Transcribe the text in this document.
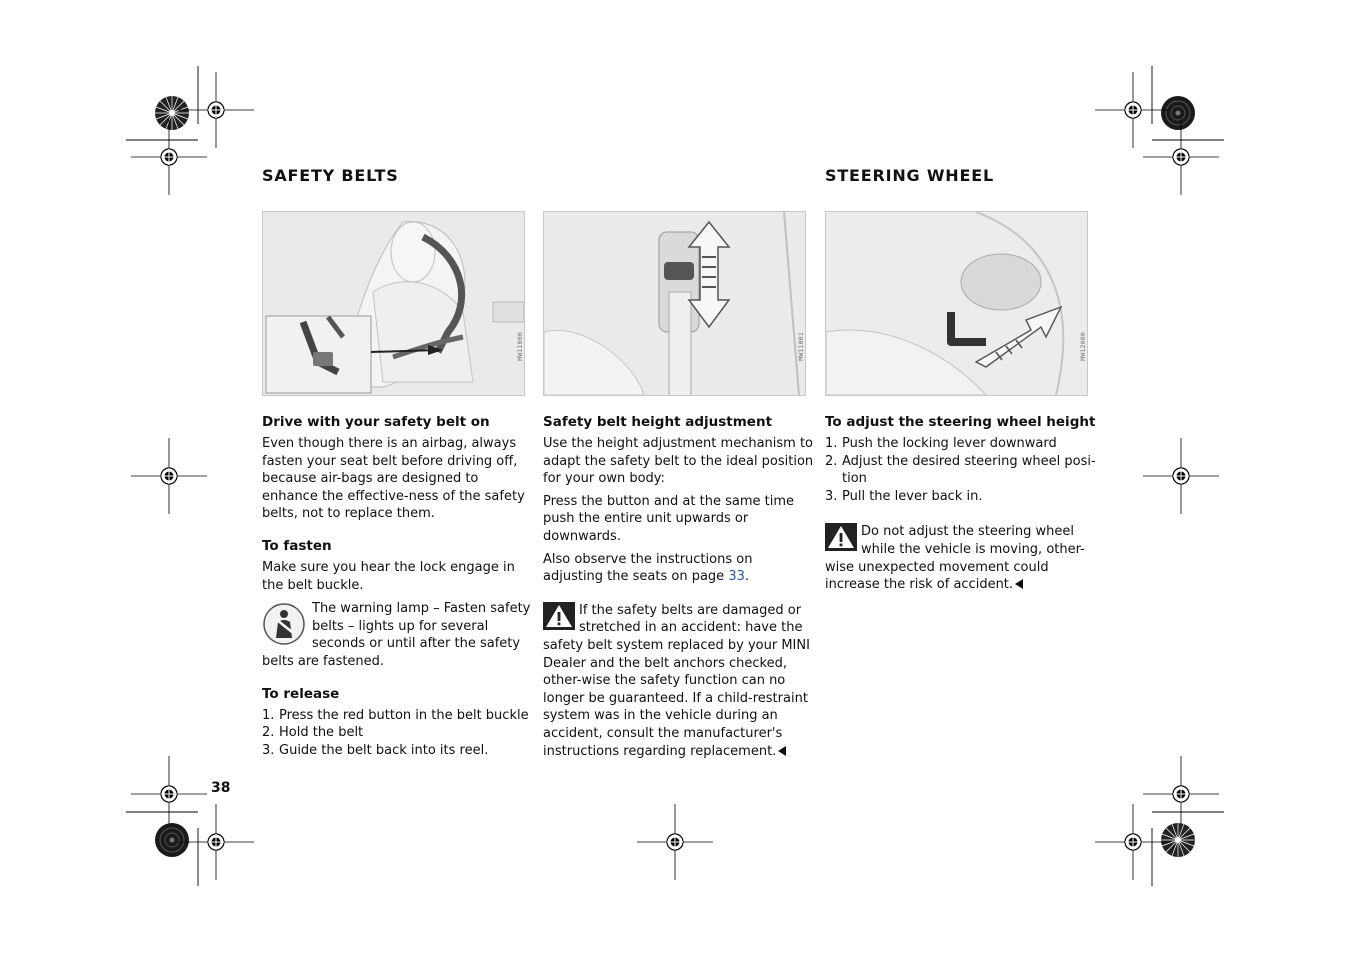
SAFETY BELTS	STEERING WHEEL
MW11000	MW11001	MW12000
Drive with your safety belt on

Even though there is an airbag, always fasten your seat belt before driving off, because air-bags are designed to enhance the effective-ness of the safety belts, not to replace them.

To fasten

Make sure you hear the lock engage in the belt buckle.

The warning lamp – Fasten safety belts – lights up for several seconds or until after the safety belts are fastened.
To release
1. Press the red button in the belt buckle
2. Hold the belt
3. Guide the belt back into its reel.
Safety belt height adjustment

Use the height adjustment mechanism to adapt the safety belt to the ideal position for your own body:

Press the button and at the same time push the entire unit upwards or downwards.

Also observe the instructions on adjusting the seats on page 33.

If the safety belts are damaged or stretched in an accident: have the safety belt system replaced by your MINI Dealer and the belt anchors checked, other-wise the safety function can no longer be guaranteed. If a child-restraint system was in the vehicle during an accident, consult the manufacturer's instructions regarding replacement.
To adjust the steering wheel height
1. Push the locking lever downward
2. Adjust the desired steering wheel posi-tion
3. Pull the lever back in.
Do not adjust the steering wheel while the vehicle is moving, other-wise unexpected movement could increase the risk of accident.
38
